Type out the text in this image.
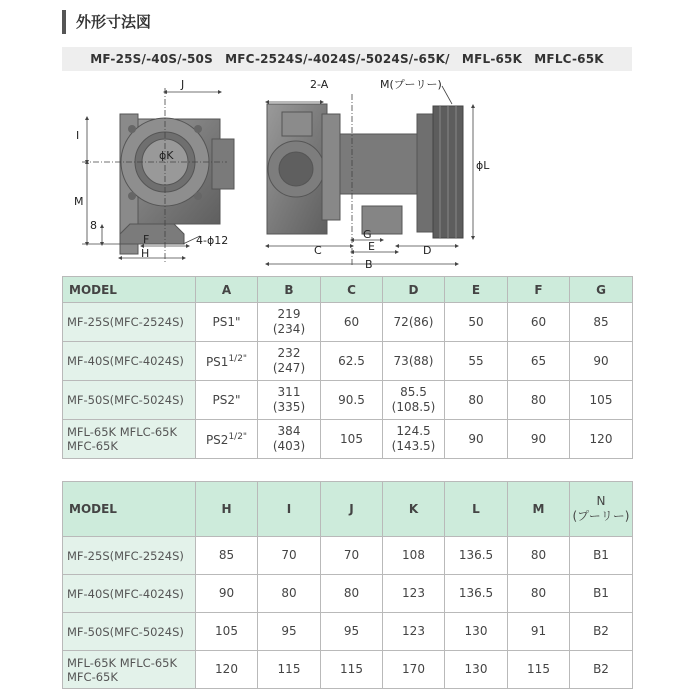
外形寸法図
MF-25S/-40S/-50S　MFC-2524S/-4024S/-5024S/-65K/　MFL-65K　MFLC-65K
J
ϕK
I
M
8
F
H
4-ϕ12
2-A	M(プーリー)
ϕL
C
G
E	D
B
MODEL	A	B	C	D	E	F	G
MF-25S(MFC-2524S)	PS1"	219
(234)	60	72(86)	50	60	85
MF-40S(MFC-4024S)	$PS1^{1/2"}$	232
(247)	62.5	73(88)	55	65	90
MF-50S(MFC-5024S)	PS2"	311
(335)	90.5	85.5
(108.5)	80	80	105
MFL-65K MFLC-65K MFC-65K	$PS2^{1/2"}$	384
(403)	105	124.5
(143.5)	90	90	120
MODEL	H	I	J	K	L	M	N
(プーリー)
MF-25S(MFC-2524S)	85	70	70	108	136.5	80	B1
MF-40S(MFC-4024S)	90	80	80	123	136.5	80	B1
MF-50S(MFC-5024S)	105	95	95	123	130	91	B2
MFL-65K MFLC-65K MFC-65K	120	115	115	170	130	115	B2
